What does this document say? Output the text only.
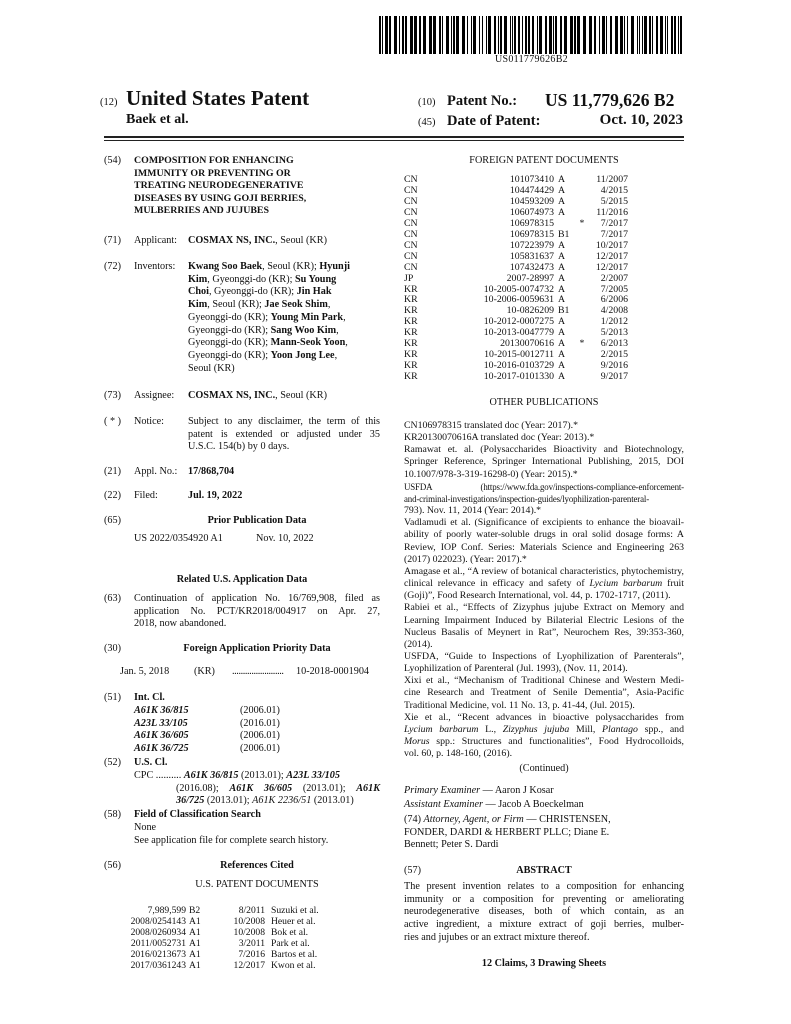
US011779626B2
(12) United States Patent
Baek et al.
(10) Patent No.: US 11,779,626 B2
(45) Date of Patent:	Oct. 10, 2023
(54) COMPOSITION FOR ENHANCING
IMMUNITY OR PREVENTING OR
TREATING NEURODEGENERATIVE
DISEASES BY USING GOJI BERRIES,
MULBERRIES AND JUJUBES
(71) Applicant: COSMAX NS, INC., Seoul (KR)
(72) Inventors: Kwang Soo Baek, Seoul (KR); Hyunji
Kim, Gyeonggi-do (KR); Su Young
Choi, Gyeonggi-do (KR); Jin Hak
Kim, Seoul (KR); Jae Seok Shim,
Gyeonggi-do (KR); Young Min Park,
Gyeonggi-do (KR); Sang Woo Kim,
Gyeonggi-do (KR); Mann-Seok Yoon,
Gyeonggi-do (KR); Yoon Jong Lee,
Seoul (KR)
(73) Assignee: COSMAX NS, INC., Seoul (KR)
( * ) Notice: Subject to any disclaimer, the term of this
patent is extended or adjusted under 35
U.S.C. 154(b) by 0 days.
(21) Appl. No.: 17/868,704
(22) Filed:	Jul. 19, 2022
(65)	Prior Publication Data
US 2022/0354920 A1	Nov. 10, 2022
Related U.S. Application Data
(63) Continuation of application No. 16/769,908, filed as
application No. PCT/KR2018/004917 on Apr. 27,
2018, now abandoned.
(30)	Foreign Application Priority Data
Jan. 5, 2018 (KR) ........................ 10-2018-0001904
(51) Int. Cl.
A61K 36/815	(2006.01)
A23L 33/105	(2016.01)
A61K 36/605	(2006.01)
A61K 36/725	(2006.01)
(52) U.S. Cl.
CPC .......... A61K 36/815 (2013.01); A23L 33/105
(2016.08); A61K 36/605 (2013.01); A61K
36/725 (2013.01); A61K 2236/51 (2013.01)
(58) Field of Classification Search
None
See application file for complete search history.
(56)	References Cited
U.S. PATENT DOCUMENTS
7,989,599	B2	8/2011	Suzuki et al.
2008/0254143	A1	10/2008	Heuer et al.
2008/0260934	A1	10/2008	Bok et al.
2011/0052731	A1	3/2011	Park et al.
2016/0213673	A1	7/2016	Bartos et al.
2017/0361243	A1	12/2017	Kwon et al.
FOREIGN PATENT DOCUMENTS
CN	101073410	A		11/2007
CN	104474429	A		4/2015
CN	104593209	A		5/2015
CN	106074973	A		11/2016
CN	106978315		*	7/2017
CN	106978315	B1		7/2017
CN	107223979	A		10/2017
CN	105831637	A		12/2017
CN	107432473	A		12/2017
JP	2007-28997	A		2/2007
KR	10-2005-0074732	A		7/2005
KR	10-2006-0059631	A		6/2006
KR	10-0826209	B1		4/2008
KR	10-2012-0007275	A		1/2012
KR	10-2013-0047779	A		5/2013
KR	20130070616	A	*	6/2013
KR	10-2015-0012711	A		2/2015
KR	10-2016-0103729	A		9/2016
KR	10-2017-0101330	A		9/2017
OTHER PUBLICATIONS
CN106978315 translated doc (Year: 2017).*
KR20130070616A translated doc (Year: 2013).*
Ramawat et. al. (Polysaccharides Bioactivity and Biotechnology,
Springer Reference, Springer International Publishing, 2015, DOI
10.1007/978-3-319-16298-0) (Year: 2015).*
USFDA (https://www.fda.gov/inspections-compliance-enforcement-
and-criminal-investigations/inspection-guides/lyophilization-parenteral-
793). Nov. 11, 2014 (Year: 2014).*
Vadlamudi et al. (Significance of excipients to enhance the bioavail-
ability of poorly water-soluble drugs in oral solid dosage forms: A
Review, IOP Conf. Series: Materials Science and Engineering 263
(2017) 022023). (Year: 2017).*
Amagase et al., “A review of botanical characteristics, phytochemistry,
clinical relevance in efficacy and safety of Lycium barbarum fruit
(Goji)”, Food Research International, vol. 44, p. 1702-1717, (2011).
Rabiei et al., “Effects of Zizyphus jujube Extract on Memory and
Learning Impairment Induced by Bilaterial Electric Lesions of the
Nucleus Basalis of Meynert in Rat”, Neurochem Res, 39:353-360,
(2014).
USFDA, “Guide to Inspections of Lyophilization of Parenterals”,
Lyophilization of Parenteral (Jul. 1993), (Nov. 11, 2014).
Xixi et al., “Mechanism of Traditional Chinese and Western Medi-
cine Research and Treatment of Senile Dementia”, Asia-Pacific
Traditional Medicine, vol. 11 No. 13, p. 41-44, (Jul. 2015).
Xie et al., “Recent advances in bioactive polysaccharides from
Lycium barbarum L., Zizyphus jujuba Mill, Plantago spp., and
Morus spp.: Structures and functionalities”, Food Hydrocolloids,
vol. 60, p. 148-160, (2016).
(Continued)
Primary Examiner — Aaron J Kosar
Assistant Examiner — Jacob A Boeckelman
(74) Attorney, Agent, or Firm — CHRISTENSEN,
FONDER, DARDI & HERBERT PLLC; Diane E.
Bennett; Peter S. Dardi
(57)	ABSTRACT
The present invention relates to a composition for enhancing
immunity or a composition for preventing or ameliorating
neurodegenerative diseases, both of which contain, as an
active ingredient, a mixture extract of goji berries, mulber-
ries and jujubes or an extract mixture thereof.
12 Claims, 3 Drawing Sheets
